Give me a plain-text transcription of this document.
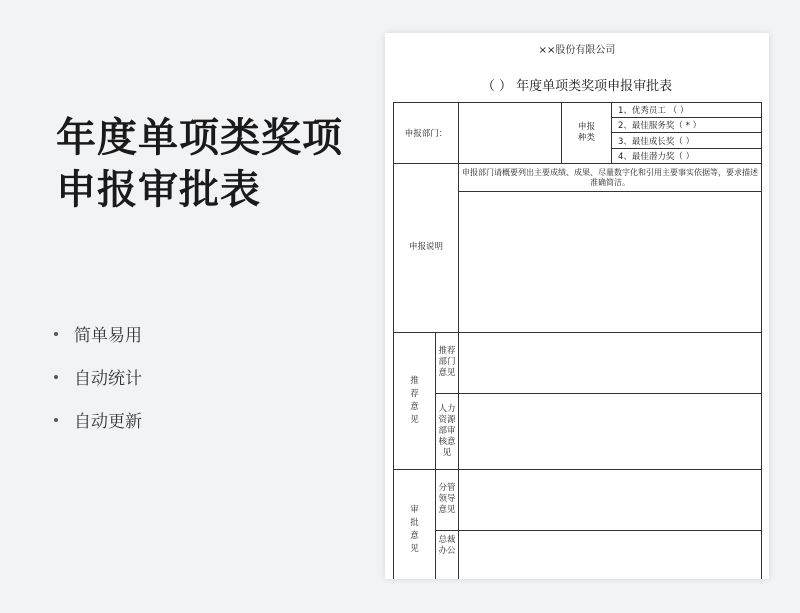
年度单项类奖项申报审批表
简单易用
自动统计
自动更新
××股份有限公司
（ ） 年度单项类奖项申报审批表
申报部门：			申报种类	1、优秀员工 （ ）
				2、最佳服务奖（ * ）
				3、最佳成长奖（ ）
				4、最佳潜力奖（ ）
申报说明		申报部门请概要列出主要成绩、成果、尽量数字化和引用主要事实依据等，要求描述准确简洁。		

推荐意见	推荐部门意见			
	人力资源部审核意见			
审批意见	分管领导意见			
	总裁办公			
